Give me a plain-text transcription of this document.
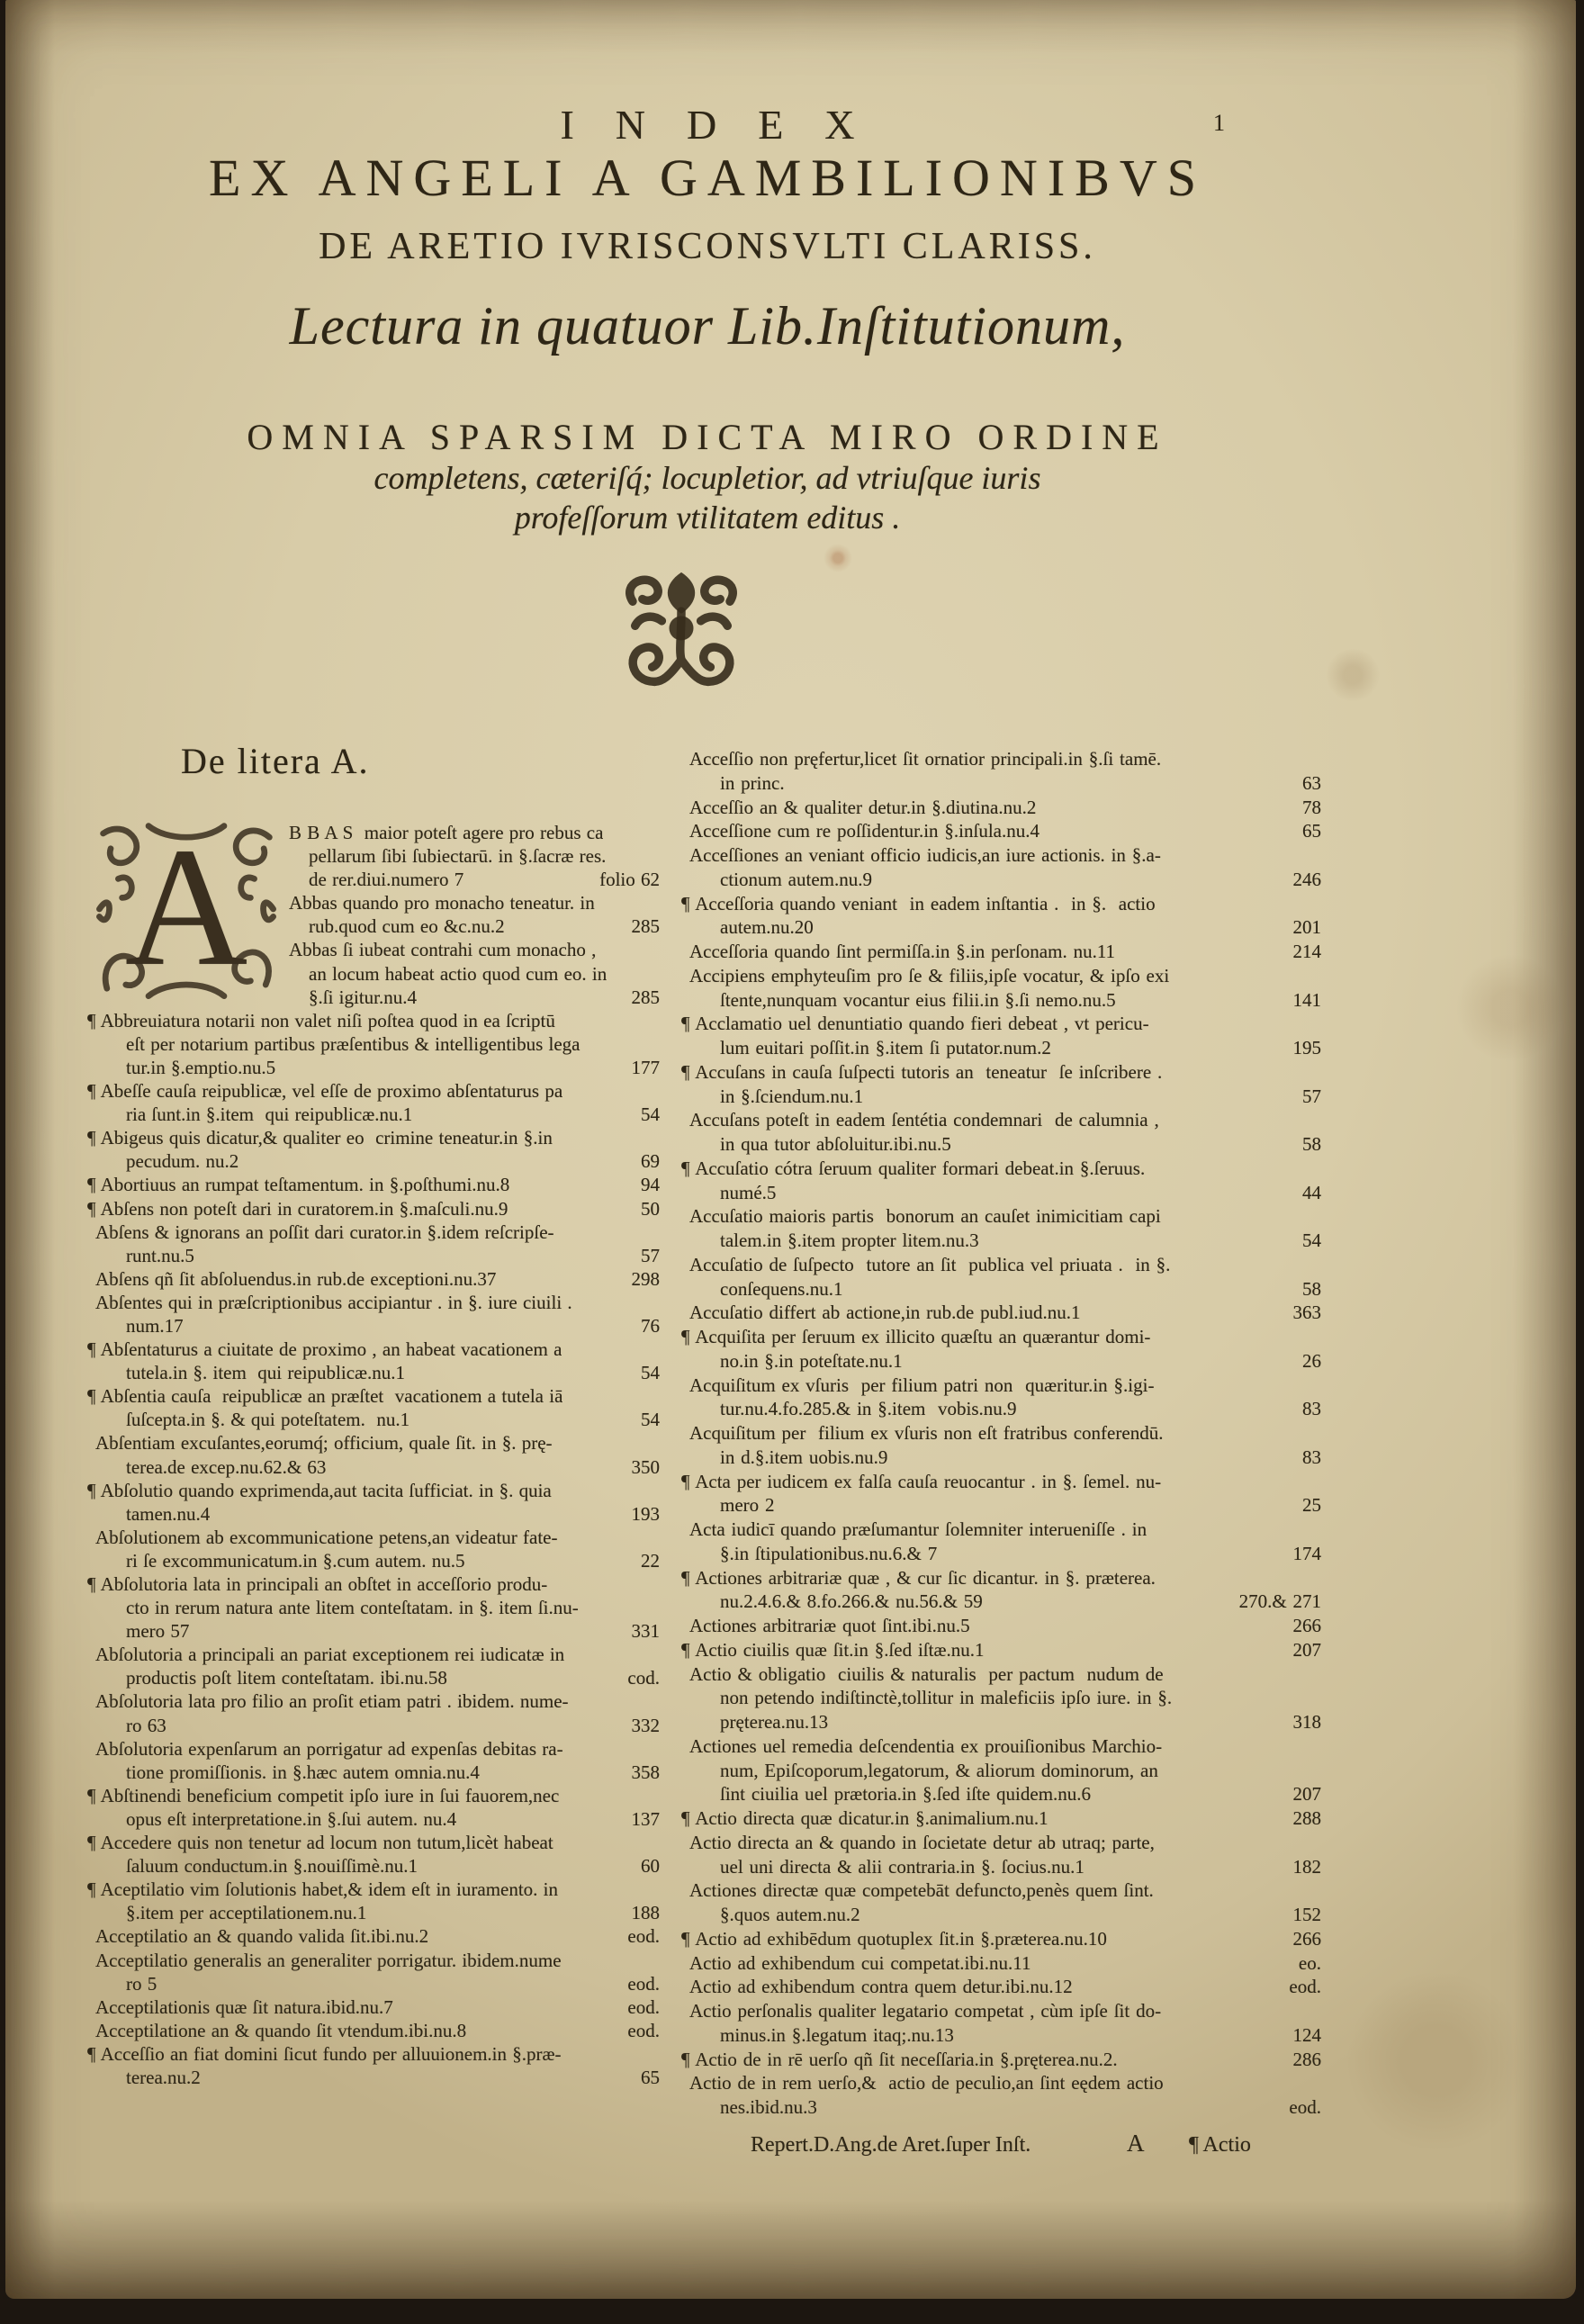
INDEX	1
EX ANGELI A GAMBILIONIBVS
DE ARETIO IVRISCONSVLTI CLARISS.
Lectura in quatuor Lib.Inſtitutionum,
OMNIA SPARSIM DICTA MIRO ORDINE
completens, cæteriſq́; locupletior, ad vtriuſque iuris
profeſſorum vtilitatem editus .
De litera A.
A B B A S  maior poteſt agere pro rebus ca
pellarum ſibi ſubiectarū. in §.ſacræ res.
de rer.diui.numero 7	folio 62
Abbas quando pro monacho teneatur. in
rub.quod cum eo &c.nu.2	285
Abbas ſi iubeat contrahi cum monacho ,
an locum habeat actio quod cum eo. in
§.ſi igitur.nu.4	285
¶ Abbreuiatura notarii non valet niſi poſtea quod in ea ſcriptū
eſt per notarium partibus præſentibus & intelligentibus lega
tur.in §.emptio.nu.5	177
¶ Abeſſe cauſa reipublicæ, vel eſſe de proximo abſentaturus pa
ria ſunt.in §.item  qui reipublicæ.nu.1	54
¶ Abigeus quis dicatur,& qualiter eo  crimine teneatur.in §.in
pecudum. nu.2	69
¶ Abortiuus an rumpat teſtamentum. in §.poſthumi.nu.8	94
¶ Abſens non poteſt dari in curatorem.in §.maſculi.nu.9	50
Abſens & ignorans an poſſit dari curator.in §.idem reſcripſe-
runt.nu.5	57
Abſens qñ ſit abſoluendus.in rub.de exceptioni.nu.37	298
Abſentes qui in præſcriptionibus accipiantur . in §. iure ciuili .
num.17	76
¶ Abſentaturus a ciuitate de proximo , an habeat vacationem a
tutela.in §. item  qui reipublicæ.nu.1	54
¶ Abſentia cauſa  reipublicæ an præſtet  vacationem a tutela iā
ſuſcepta.in §. & qui poteſtatem.  nu.1	54
Abſentiam excuſantes,eorumq́; officium, quale ſit. in §. prę-
terea.de excep.nu.62.& 63	350
¶ Abſolutio quando exprimenda,aut tacita ſufficiat. in §. quia
tamen.nu.4	193
Abſolutionem ab excommunicatione petens,an videatur fate-
ri ſe excommunicatum.in §.cum autem. nu.5	22
¶ Abſolutoria lata in principali an obſtet in acceſſorio produ-
cto in rerum natura ante litem conteſtatam. in §. item ſi.nu-
mero 57	331
Abſolutoria a principali an pariat exceptionem rei iudicatæ in
productis poſt litem conteſtatam. ibi.nu.58	cod.
Abſolutoria lata pro filio an proſit etiam patri . ibidem. nume-
ro 63	332
Abſolutoria expenſarum an porrigatur ad expenſas debitas ra-
tione promiſſionis. in §.hæc autem omnia.nu.4	358
¶ Abſtinendi beneficium competit ipſo iure in ſui fauorem,nec
opus eſt interpretatione.in §.ſui autem. nu.4	137
¶ Accedere quis non tenetur ad locum non tutum,licèt habeat
ſaluum conductum.in §.nouiſſimè.nu.1	60
¶ Aceptilatio vim ſolutionis habet,& idem eſt in iuramento. in
§.item per acceptilationem.nu.1	188
Acceptilatio an & quando valida ſit.ibi.nu.2	eod.
Acceptilatio generalis an generaliter porrigatur. ibidem.nume
ro 5	eod.
Acceptilationis quæ ſit natura.ibid.nu.7	eod.
Acceptilatione an & quando ſit vtendum.ibi.nu.8	eod.
¶ Acceſſio an fiat domini ſicut fundo per alluuionem.in §.præ-
terea.nu.2	65
Acceſſio non pręfertur,licet ſit ornatior principali.in §.ſi tamē.
in princ.	63
Acceſſio an & qualiter detur.in §.diutina.nu.2	78
Acceſſione cum re poſſidentur.in §.inſula.nu.4	65
Acceſſiones an veniant officio iudicis,an iure actionis. in §.a-
ctionum autem.nu.9	246
¶ Acceſſoria quando veniant  in eadem inſtantia .  in §.  actio
autem.nu.20	201
Acceſſoria quando ſint permiſſa.in §.in perſonam. nu.11	214
Accipiens emphyteuſim pro ſe & filiis,ipſe vocatur, & ipſo exi
ſtente,nunquam vocantur eius filii.in §.ſi nemo.nu.5	141
¶ Acclamatio uel denuntiatio quando fieri debeat , vt pericu-
lum euitari poſſit.in §.item ſi putator.num.2	195
¶ Accuſans in cauſa ſuſpecti tutoris an  teneatur  ſe inſcribere .
in §.ſciendum.nu.1	57
Accuſans poteſt in eadem ſentétia condemnari  de calumnia ,
in qua tutor abſoluitur.ibi.nu.5	58
¶ Accuſatio cótra ſeruum qualiter formari debeat.in §.ſeruus.
numé.5	44
Accuſatio maioris partis  bonorum an cauſet inimicitiam capi
talem.in §.item propter litem.nu.3	54
Accuſatio de ſuſpecto  tutore an ſit  publica vel priuata .  in §.
conſequens.nu.1	58
Accuſatio differt ab actione,in rub.de publ.iud.nu.1	363
¶ Acquiſita per ſeruum ex illicito quæſtu an quærantur domi-
no.in §.in poteſtate.nu.1	26
Acquiſitum ex vſuris  per filium patri non  quæritur.in §.igi-
tur.nu.4.fo.285.& in §.item  vobis.nu.9	83
Acquiſitum per  filium ex vſuris non eſt fratribus conferendū.
in d.§.item uobis.nu.9	83
¶ Acta per iudicem ex falſa cauſa reuocantur . in §. ſemel. nu-
mero 2	25
Acta iudicī quando præſumantur ſolemniter interueniſſe . in
§.in ſtipulationibus.nu.6.& 7	174
¶ Actiones arbitrariæ quæ , & cur ſic dicantur. in §. præterea.
nu.2.4.6.& 8.fo.266.& nu.56.& 59	270.& 271
Actiones arbitrariæ quot ſint.ibi.nu.5	266
¶ Actio ciuilis quæ ſit.in §.ſed iſtæ.nu.1	207
Actio & obligatio  ciuilis & naturalis  per pactum  nudum de
non petendo indiſtinctè,tollitur in maleficiis ipſo iure. in §.
pręterea.nu.13	318
Actiones uel remedia deſcendentia ex prouiſionibus Marchio-
num, Epiſcoporum,legatorum, & aliorum dominorum, an
ſint ciuilia uel prætoria.in §.ſed iſte quidem.nu.6	207
¶ Actio directa quæ dicatur.in §.animalium.nu.1	288
Actio directa an & quando in ſocietate detur ab utraq; parte,
uel uni directa & alii contraria.in §. ſocius.nu.1	182
Actiones directæ quæ competebāt defuncto,penès quem ſint.
§.quos autem.nu.2	152
¶ Actio ad exhibēdum quotuplex ſit.in §.præterea.nu.10	266
Actio ad exhibendum cui competat.ibi.nu.11	eo.
Actio ad exhibendum contra quem detur.ibi.nu.12	eod.
Actio perſonalis qualiter legatario competat , cùm ipſe ſit do-
minus.in §.legatum itaq;.nu.13	124
¶ Actio de in rē uerſo qñ ſit neceſſaria.in §.pręterea.nu.2.	286
Actio de in rem uerſo,&  actio de peculio,an ſint eędem actio
nes.ibid.nu.3	eod.
Repert.D.Ang.de Aret.ſuper Inſt.	A ¶ Actio
